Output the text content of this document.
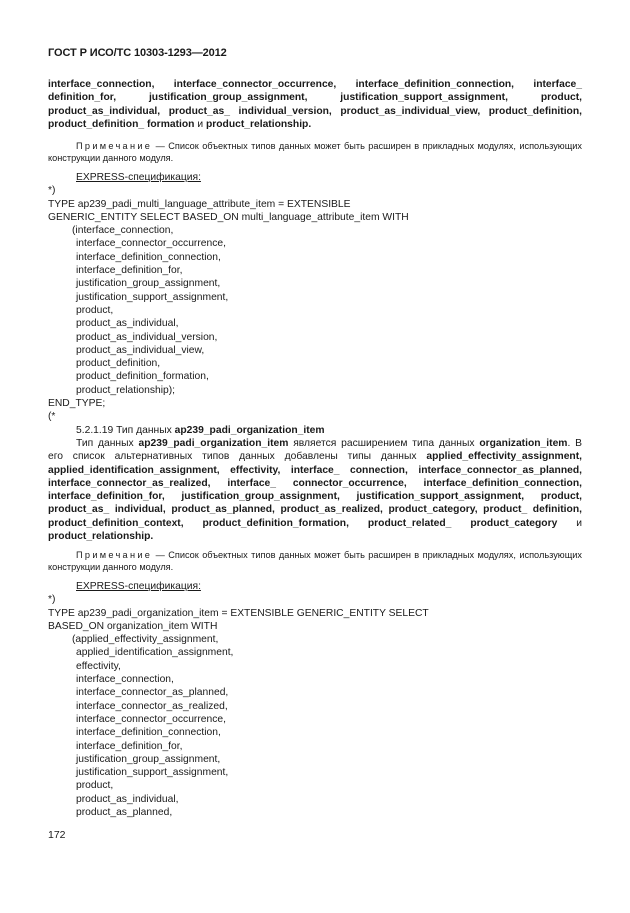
ГОСТ Р ИСО/ТС 10303-1293—2012
interface_connection, interface_connector_occurrence, interface_definition_connection, interface_ definition_for, justification_group_assignment, justification_support_assignment, product, product_as_individual, product_as_ individual_version, product_as_individual_view, product_definition, product_definition_ formation и product_relationship.
Примечание — Список объектных типов данных может быть расширен в прикладных модулях, использующих конструкции данного модуля.
EXPRESS-спецификация:
*)
TYPE ap239_padi_multi_language_attribute_item = EXTENSIBLE
GENERIC_ENTITY SELECT BASED_ON multi_language_attribute_item WITH
(interface_connection,
interface_connector_occurrence,
interface_definition_connection,
interface_definition_for,
justification_group_assignment,
justification_support_assignment,
product,
product_as_individual,
product_as_individual_version,
product_as_individual_view,
product_definition,
product_definition_formation,
product_relationship);
END_TYPE;
(*
5.2.1.19 Тип данных ap239_padi_organization_item
Тип данных ap239_padi_organization_item является расширением типа данных organization_item. В его список альтернативных типов данных добавлены типы данных applied_effectivity_assignment, applied_identification_assignment, effectivity, interface_ connection, interface_connector_as_planned, interface_connector_as_realized, interface_ connector_occurrence, interface_definition_connection, interface_definition_for, justification_group_assignment, justification_support_assignment, product, product_as_ individual, product_as_planned, product_as_realized, product_category, product_ definition, product_definition_context, product_definition_formation, product_related_ product_category и product_relationship.
Примечание — Список объектных типов данных может быть расширен в прикладных модулях, использующих конструкции данного модуля.
EXPRESS-спецификация:
*)
TYPE ap239_padi_organization_item = EXTENSIBLE GENERIC_ENTITY SELECT
BASED_ON organization_item WITH
(applied_effectivity_assignment,
applied_identification_assignment,
effectivity,
interface_connection,
interface_connector_as_planned,
interface_connector_as_realized,
interface_connector_occurrence,
interface_definition_connection,
interface_definition_for,
justification_group_assignment,
justification_support_assignment,
product,
product_as_individual,
product_as_planned,
172
